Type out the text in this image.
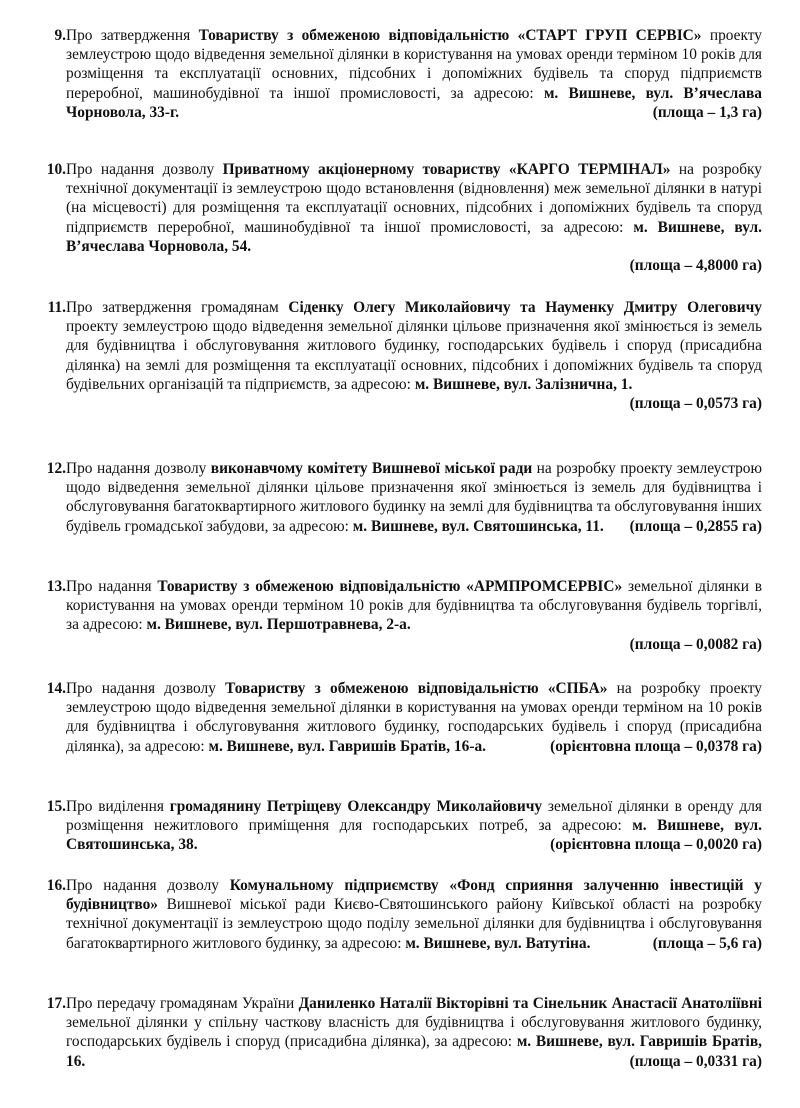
9. Про затвердження Товариству з обмеженою відповідальністю «СТАРТ ГРУП СЕРВІС» проекту землеустрою щодо відведення земельної ділянки в користування на умовах оренди терміном 10 років для розміщення та експлуатації основних, підсобних і допоміжних будівель та споруд підприємств переробної, машинобудівної та іншої промисловості, за адресою: м. Вишневе, вул. В’ячеслава Чорновола, 33-г.	(площа – 1,3 га)
10. Про надання дозволу Приватному акціонерному товариству «КАРГО ТЕРМІНАЛ» на розробку технічної документації із землеустрою щодо встановлення (відновлення) меж земельної ділянки в натурі (на місцевості) для розміщення та експлуатації основних, підсобних і допоміжних будівель та споруд підприємств переробної, машинобудівної та іншої промисловості, за адресою: м. Вишневе, вул. В’ячеслава Чорновола, 54.
(площа – 4,8000 га)
11. Про затвердження громадянам Сіденку Олегу Миколайовичу та Науменку Дмитру Олеговичу проекту землеустрою щодо відведення земельної ділянки цільове призначення якої змінюється із земель для будівництва і обслуговування житлового будинку, господарських будівель і споруд (присадибна ділянка) на землі для розміщення та експлуатації основних, підсобних і допоміжних будівель та споруд будівельних організацій та підприємств, за адресою: м. Вишневе, вул. Залізнична, 1.
(площа – 0,0573 га)
12. Про надання дозволу виконавчому комітету Вишневої міської ради на розробку проекту землеустрою щодо відведення земельної ділянки цільове призначення якої змінюється із земель для будівництва і обслуговування багатоквартирного житлового будинку на землі для будівництва та обслуговування інших будівель громадської забудови, за адресою: м. Вишневе, вул. Святошинська, 11.	(площа – 0,2855 га)
13. Про надання Товариству з обмеженою відповідальністю «АРМПРОМСЕРВІС» земельної ділянки в користування на умовах оренди терміном 10 років для будівництва та обслуговування будівель торгівлі, за адресою: м. Вишневе, вул. Першотравнева, 2-а.
(площа – 0,0082 га)
14. Про надання дозволу Товариству з обмеженою відповідальністю «СПБА» на розробку проекту землеустрою щодо відведення земельної ділянки в користування на умовах оренди терміном на 10 років для будівництва і обслуговування житлового будинку, господарських будівель і споруд (присадибна ділянка), за адресою: м. Вишневе, вул. Гавришів Братів, 16-а.	(орієнтовна площа – 0,0378 га)
15. Про виділення громадянину Петріщеву Олександру Миколайовичу земельної ділянки в оренду для розміщення нежитлового приміщення для господарських потреб, за адресою: м. Вишневе, вул. Святошинська, 38.	(орієнтовна площа – 0,0020 га)
16. Про надання дозволу Комунальному підприємству «Фонд сприяння залученню інвестицій у будівництво» Вишневої міської ради Києво-Святошинського району Київської області на розробку технічної документації із землеустрою щодо поділу земельної ділянки для будівництва і обслуговування багатоквартирного житлового будинку, за адресою: м. Вишневе, вул. Ватутіна.	(площа – 5,6 га)
17. Про передачу громадянам України Даниленко Наталії Вікторівні та Сінельник Анастасії Анатоліївні земельної ділянки у спільну часткову власність для будівництва і обслуговування житлового будинку, господарських будівель і споруд (присадибна ділянка), за адресою: м. Вишневе, вул. Гавришів Братів, 16.	(площа – 0,0331 га)
